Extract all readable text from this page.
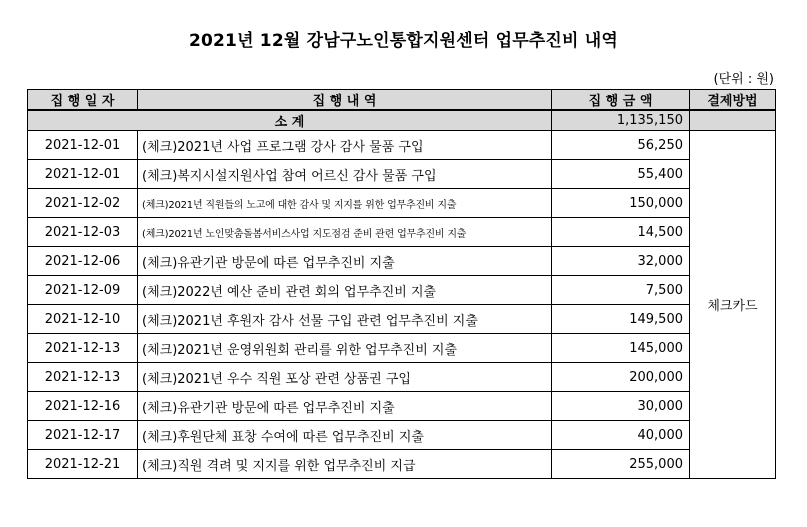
2021년 12월 강남구노인통합지원센터 업무추진비 내역
(단위 : 원)
집 행 일 자	집 행 내 역	집 행 금 액	결제방법
소 계		1,135,150	
2021-12-01	(체크)2021년 사업 프로그램 강사 감사 물품 구입	56,250	체크카드
2021-12-01	(체크)복지시설지원사업 참여 어르신 감사 물품 구입	55,400	
2021-12-02	(체크)2021년 직원들의 노고에 대한 감사 및 지지를 위한 업무추진비 지출	150,000	
2021-12-03	(체크)2021년 노인맞춤돌봄서비스사업 지도점검 준비 관련 업무추진비 지출	14,500	
2021-12-06	(체크)유관기관 방문에 따른 업무추진비 지출	32,000	
2021-12-09	(체크)2022년 예산 준비 관련 회의 업무추진비 지출	7,500	
2021-12-10	(체크)2021년 후원자 감사 선물 구입 관련 업무추진비 지출	149,500	
2021-12-13	(체크)2021년 운영위원회 관리를 위한 업무추진비 지출	145,000	
2021-12-13	(체크)2021년 우수 직원 포상 관련 상품권 구입	200,000	
2021-12-16	(체크)유관기관 방문에 따른 업무추진비 지출	30,000	
2021-12-17	(체크)후원단체 표창 수여에 따른 업무추진비 지출	40,000	
2021-12-21	(체크)직원 격려 및 지지를 위한 업무추진비 지급	255,000	
